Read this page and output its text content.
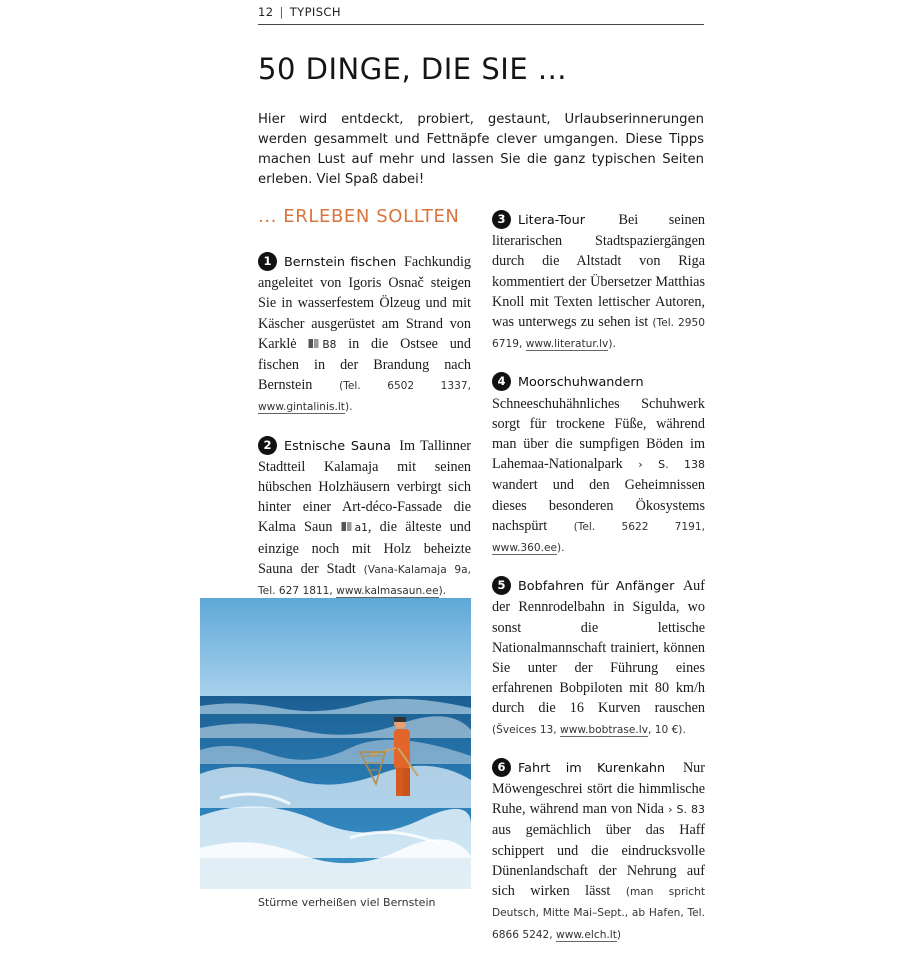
12 | TYPISCH
50 DINGE, DIE SIE ...

Hier wird entdeckt, probiert, gestaunt, Urlaubserinnerungen werden gesammelt und Fettnäpfe clever umgangen. Diese Tipps machen Lust auf mehr und lassen Sie die ganz typischen Seiten erleben. Viel Spaß dabei!

... ERLEBEN SOLLTEN

1 Bernstein fischen Fachkundig angeleitet von Igoris Osnač steigen Sie in wasserfestem Ölzeug und mit Käscher ausgerüstet am Strand von Karklė B8 in die Ostsee und fischen in der Brandung nach Bernstein	(Tel. 6502 1337, www.gintalinis.lt).

2 Estnische Sauna Im Tallinner Stadtteil Kalamaja mit seinen hübschen Holzhäusern verbirgt sich hinter einer Art-déco-Fassade die Kalma Saun a1, die älteste und einzige noch mit Holz beheizte Sauna der Stadt (Vana-Kalamaja 9a, Tel. 627 1811, www.kalmasaun.ee).

Stürme verheißen viel Bernstein

3 Litera-Tour Bei seinen literarischen Stadtspaziergängen durch die Altstadt von Riga kommentiert der Übersetzer Matthias Knoll mit Texten lettischer Autoren, was unterwegs zu sehen ist (Tel. 2950 6719, www.literatur.lv).

4 Moorschuhwandern Schneeschuhähnliches Schuhwerk sorgt für trockene Füße, während man über die sumpfigen Böden im Lahemaa-Nationalpark › S. 138 wandert und den Geheimnissen dieses besonderen Ökosystems nachspürt (Tel. 5622 7191, www.360.ee).

5 Bobfahren für Anfänger Auf der Rennrodelbahn in Sigulda, wo sonst die lettische Nationalmannschaft trainiert, können Sie unter der Führung eines erfahrenen Bobpiloten mit 80 km/h durch die 16 Kurven rauschen (Šveices 13, www.bobtrase.lv, 10 €).

6 Fahrt im Kurenkahn Nur Möwengeschrei stört die himmlische Ruhe, während man von Nida › S. 83 aus gemächlich über das Haff schippert und die eindrucksvolle Dünenlandschaft der Nehrung auf sich wirken lässt (man spricht Deutsch, Mitte Mai–Sept., ab Hafen, Tel. 6866 5242, www.elch.lt)
